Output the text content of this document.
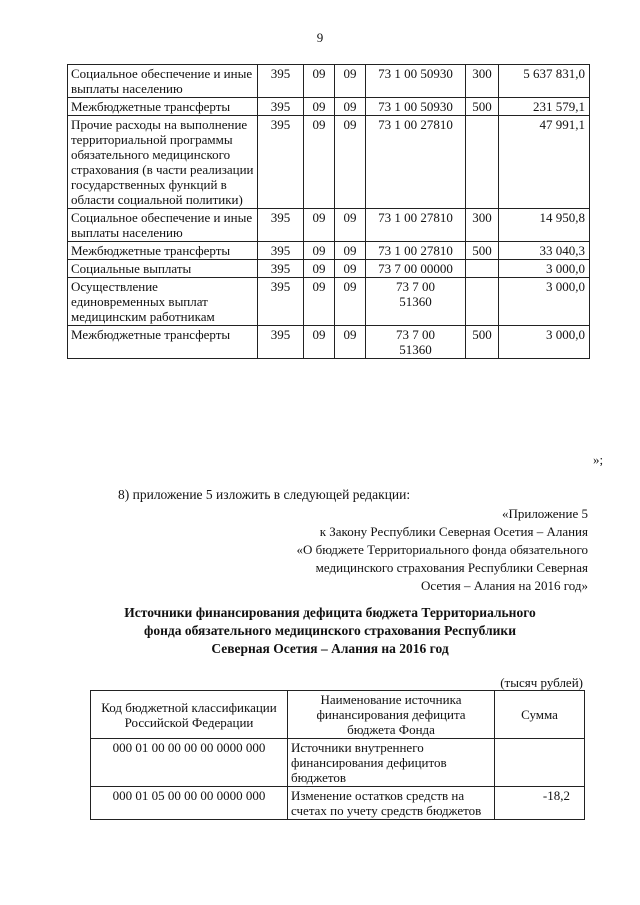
9
Социальное обеспечение и иные выплаты населению	395	09	09	73 1 00 50930	300	5 637 831,0
Межбюджетные трансферты	395	09	09	73 1 00 50930	500	231 579,1
Прочие расходы на выполнение территориальной программы обязательного медицинского страхования (в части реализации государственных функций в области социальной политики)	395	09	09	73 1 00 27810		47 991,1
Социальное обеспечение и иные выплаты населению	395	09	09	73 1 00 27810	300	14 950,8
Межбюджетные трансферты	395	09	09	73 1 00 27810	500	33 040,3
Социальные выплаты	395	09	09	73 7 00 00000		3 000,0
Осуществление единовременных выплат медицинским работникам	395	09	09	73 7 00 51360		3 000,0
Межбюджетные трансферты	395	09	09	73 7 00 51360	500	3 000,0
»;
8) приложение 5 изложить в следующей редакции:
«Приложение 5
к Закону Республики Северная Осетия – Алания
«О бюджете Территориального фонда обязательного
медицинского страхования Республики Северная
Осетия – Алания на 2016 год»
Источники финансирования дефицита бюджета Территориального
фонда обязательного медицинского страхования Республики
Северная Осетия – Алания на 2016 год
(тысяч рублей)
Код бюджетной классификации Российской Федерации	Наименование источника финансирования дефицита бюджета Фонда	Сумма
000 01 00 00 00 00 0000 000	Источники внутреннего финансирования дефицитов бюджетов	
000 01 05 00 00 00 0000 000	Изменение остатков средств на счетах по учету средств бюджетов	-18,2
